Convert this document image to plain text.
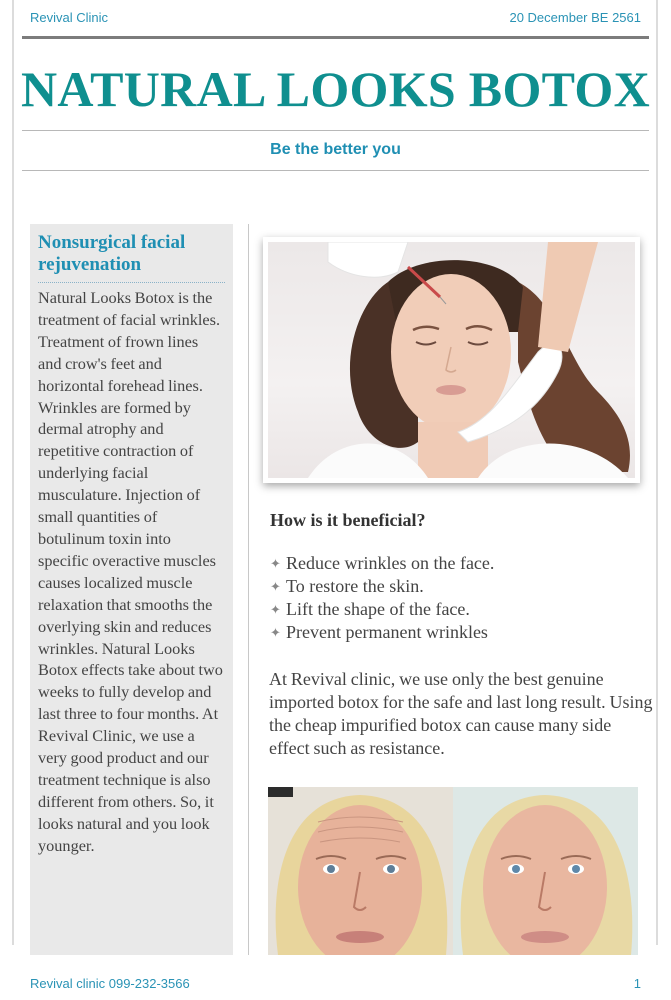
Revival Clinic	20 December BE 2561
NATURAL LOOKS BOTOX
Be the better you
Nonsurgical facial rejuvenation

Natural Looks Botox is the treatment of facial wrinkles. Treatment of frown lines and crow's feet and horizontal forehead lines. Wrinkles are formed by dermal atrophy and repetitive contraction of underlying facial musculature. Injection of small quantities of botulinum toxin into specific overactive muscles causes localized muscle relaxation that smooths the overlying skin and reduces wrinkles. Natural Looks Botox effects take about two weeks to fully develop and last three to four months. At Revival Clinic, we use a very good product and our treatment technique is also different from others. So, it looks natural and you look younger.

How is it beneficial?
✦ Reduce wrinkles on the face.
✦ To restore the skin.
✦ Lift the shape of the face.
✦ Prevent permanent wrinkles

At Revival clinic, we use only the best genuine imported botox for the safe and last long result. Using the cheap impurified botox can cause many side effect such as resistance.

Revival clinic 099-232-3566	1
